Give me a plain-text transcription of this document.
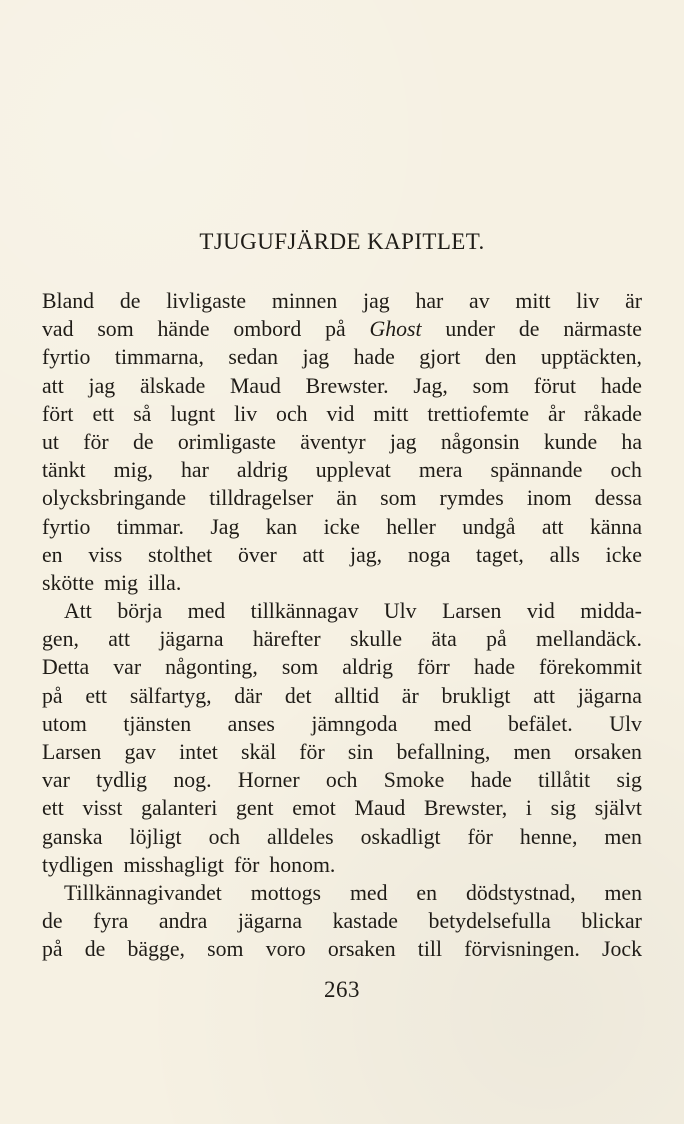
TJUGUFJÄRDE KAPITLET.
Bland de livligaste minnen jag har av mitt liv är
vad som hände ombord på Ghost under de närmaste
fyrtio timmarna, sedan jag hade gjort den upptäckten,
att jag älskade Maud Brewster. Jag, som förut hade
fört ett så lugnt liv och vid mitt trettiofemte år råkade
ut för de orimligaste äventyr jag någonsin kunde ha
tänkt mig, har aldrig upplevat mera spännande och
olycksbringande tilldragelser än som rymdes inom dessa
fyrtio timmar. Jag kan icke heller undgå att känna
en viss stolthet över att jag, noga taget, alls icke
skötte mig illa.
Att börja med tillkännagav Ulv Larsen vid midda-
gen, att jägarna härefter skulle äta på mellandäck.
Detta var någonting, som aldrig förr hade förekommit
på ett sälfartyg, där det alltid är brukligt att jägarna
utom tjänsten anses jämngoda med befälet. Ulv
Larsen gav intet skäl för sin befallning, men orsaken
var tydlig nog. Horner och Smoke hade tillåtit sig
ett visst galanteri gent emot Maud Brewster, i sig självt
ganska löjligt och alldeles oskadligt för henne, men
tydligen misshagligt för honom.
Tillkännagivandet mottogs med en dödstystnad, men
de fyra andra jägarna kastade betydelsefulla blickar
på de bägge, som voro orsaken till förvisningen. Jock
263
